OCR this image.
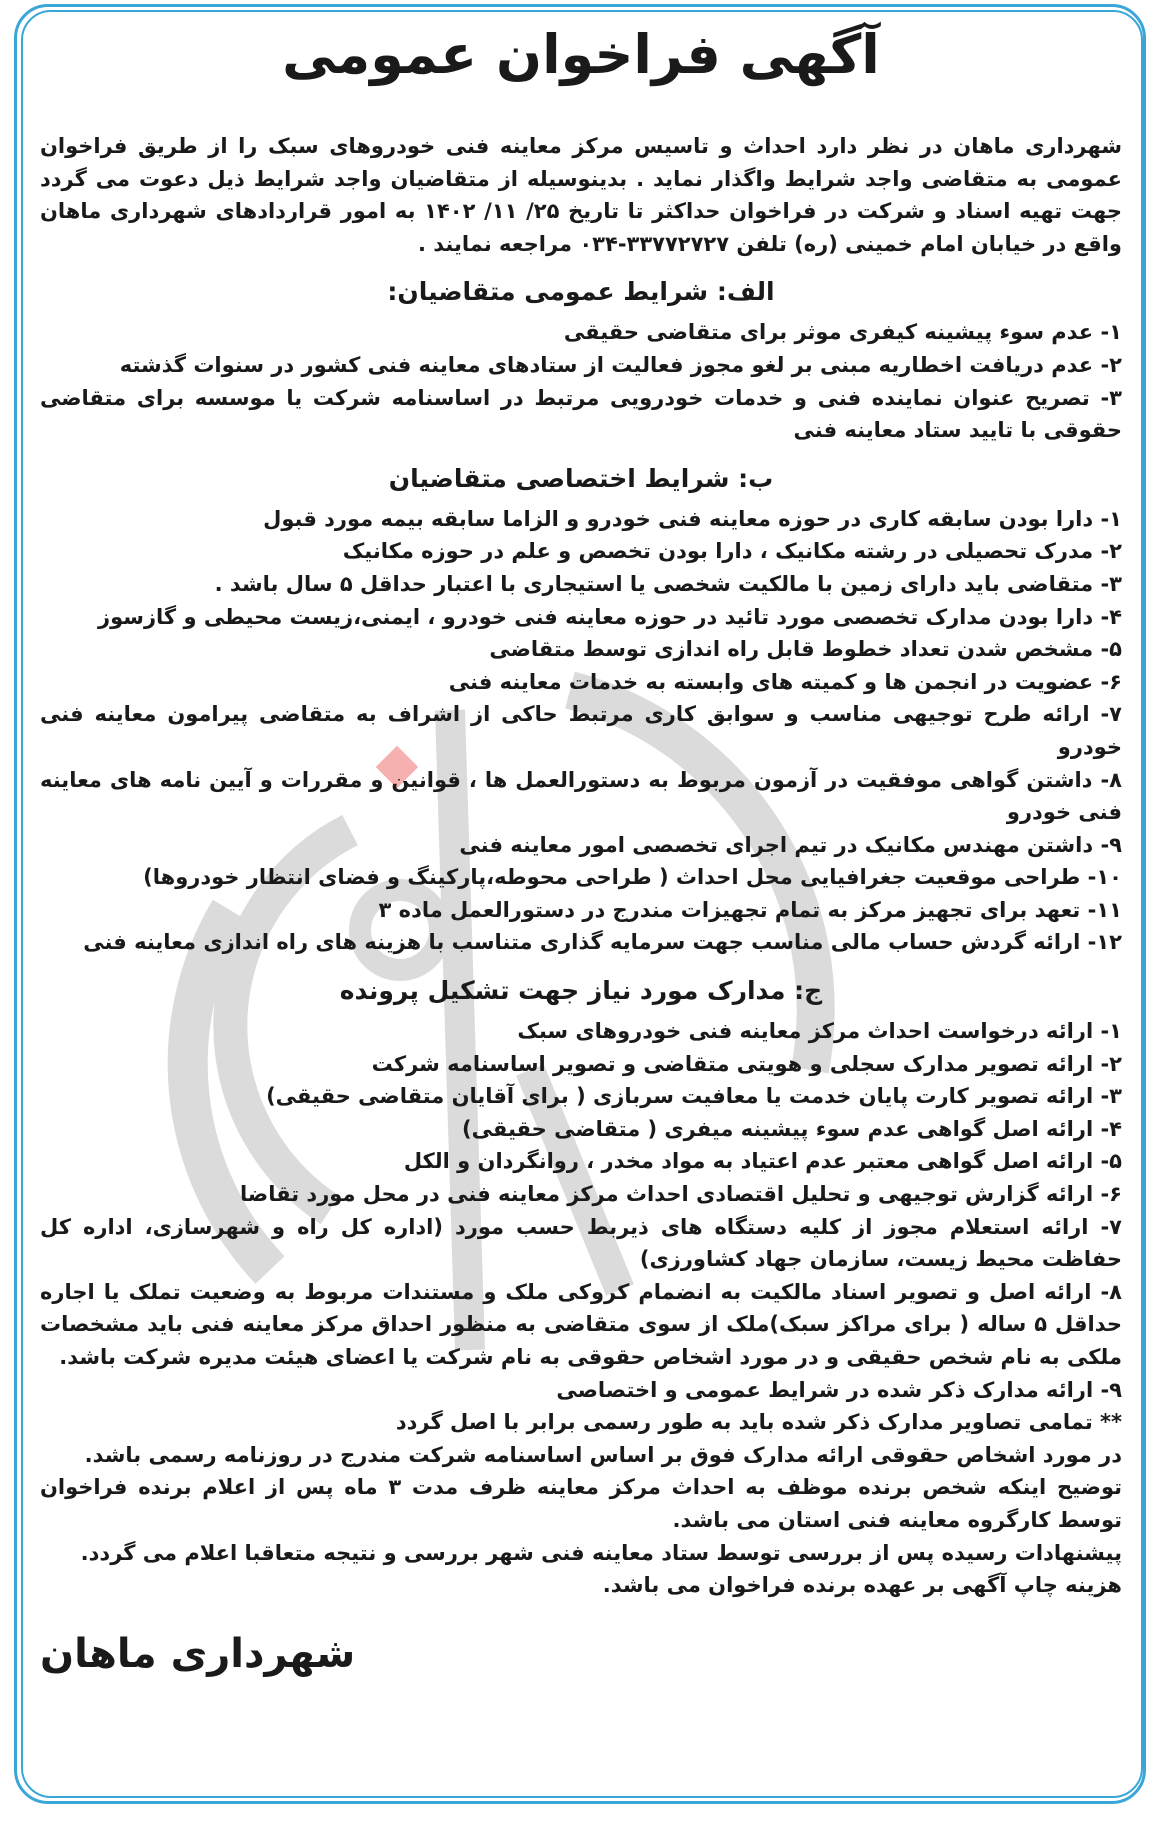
آگهی فراخوان عمومی

شهرداری ماهان در نظر دارد احداث و تاسیس مرکز معاینه فنی خودروهای سبک را از طریق فراخوان عمومی به متقاضی واجد شرایط واگذار نماید . بدینوسیله از متقاضیان واجد شرایط ذیل دعوت می گردد جهت تهیه اسناد و شرکت در فراخوان حداکثر تا تاریخ ۲۵/ ۱۱/ ۱۴۰۲ به امور قراردادهای شهرداری ماهان واقع در خیابان امام خمینی (ره) تلفن ۳۳۷۷۲۷۲۷-۰۳۴ مراجعه نمایند .

الف: شرایط عمومی متقاضیان:

۱- عدم سوء پیشینه کیفری موثر برای متقاضی حقیقی

۲- عدم دریافت اخطاریه مبنی بر لغو مجوز فعالیت از ستادهای معاینه فنی کشور در سنوات گذشته

۳- تصریح عنوان نماینده فنی و خدمات خودرویی مرتبط در اساسنامه شرکت یا موسسه برای متقاضی حقوقی با تایید ستاد معاینه فنی

ب: شرایط اختصاصی متقاضیان

۱- دارا بودن سابقه کاری در حوزه معاینه فنی خودرو و الزاما سابقه بیمه مورد قبول

۲- مدرک تحصیلی در رشته مکانیک ، دارا بودن تخصص و علم در حوزه مکانیک

۳- متقاضی باید دارای زمین با مالکیت شخصی یا استیجاری با اعتبار حداقل ۵ سال باشد .

۴- دارا بودن مدارک تخصصی مورد تائید در حوزه معاینه فنی خودرو ، ایمنی،زیست محیطی و گازسوز

۵- مشخص شدن تعداد خطوط قابل راه اندازی توسط متقاضی

۶- عضویت در انجمن ها و کمیته های وابسته به خدمات معاینه فنی

۷- ارائه طرح توجیهی مناسب و سوابق کاری مرتبط حاکی از اشراف به متقاضی پیرامون معاینه فنی خودرو

۸- داشتن گواهی موفقیت در آزمون مربوط به دستورالعمل ها ، قوانین و مقررات و آیین نامه های معاینه فنی خودرو

۹- داشتن مهندس مکانیک در تیم اجرای تخصصی امور معاینه فنی

۱۰- طراحی موقعیت جغرافیایی محل احداث ( طراحی محوطه،پارکینگ و فضای انتظار خودروها)

۱۱- تعهد برای تجهیز مرکز به تمام تجهیزات مندرج در دستورالعمل ماده ۳

۱۲- ارائه گردش حساب مالی مناسب جهت سرمایه گذاری متناسب با هزینه های راه اندازی معاینه فنی

ج: مدارک مورد نیاز جهت تشکیل پرونده

۱- ارائه درخواست احداث مرکز معاینه فنی خودروهای سبک

۲- ارائه تصویر مدارک سجلی و هویتی متقاضی و تصویر اساسنامه شرکت

۳- ارائه تصویر کارت پایان خدمت یا معافیت سربازی ( برای آقایان متقاضی حقیقی)

۴- ارائه اصل گواهی عدم سوء پیشینه میفری ( متقاضی حقیقی)

۵- ارائه اصل گواهی معتبر عدم اعتیاد به مواد مخدر ، روانگردان و الکل

۶- ارائه گزارش توجیهی و تحلیل اقتصادی احداث مرکز معاینه فنی در محل مورد تقاضا

۷- ارائه استعلام مجوز از کلیه دستگاه های ذیربط حسب مورد (اداره کل راه و شهرسازی، اداره کل حفاظت محیط زیست، سازمان جهاد کشاورزی)

۸- ارائه اصل و تصویر اسناد مالکیت به انضمام کروکی ملک و مستندات مربوط به وضعیت تملک یا اجاره حداقل ۵ ساله ( برای مراکز سبک)ملک از سوی متقاضی به منظور احداق مرکز معاینه فنی باید مشخصات ملکی به نام شخص حقیقی و در مورد اشخاص حقوقی به نام شرکت یا اعضای هیئت مدیره شرکت باشد.

۹- ارائه مدارک ذکر شده در شرایط عمومی و اختصاصی

** تمامی تصاویر مدارک ذکر شده باید به طور رسمی برابر با اصل گردد

در مورد اشخاص حقوقی ارائه مدارک فوق بر اساس اساسنامه شرکت مندرج در روزنامه رسمی باشد.

توضیح اینکه شخص برنده موظف به احداث مرکز معاینه ظرف مدت ۳ ماه پس از اعلام برنده فراخوان توسط کارگروه معاینه فنی استان می باشد.

پیشنهادات رسیده پس از بررسی توسط ستاد معاینه فنی شهر بررسی و نتیجه متعاقبا اعلام می گردد.

هزینه چاپ آگهی بر عهده برنده فراخوان می باشد.

شهرداری ماهان
